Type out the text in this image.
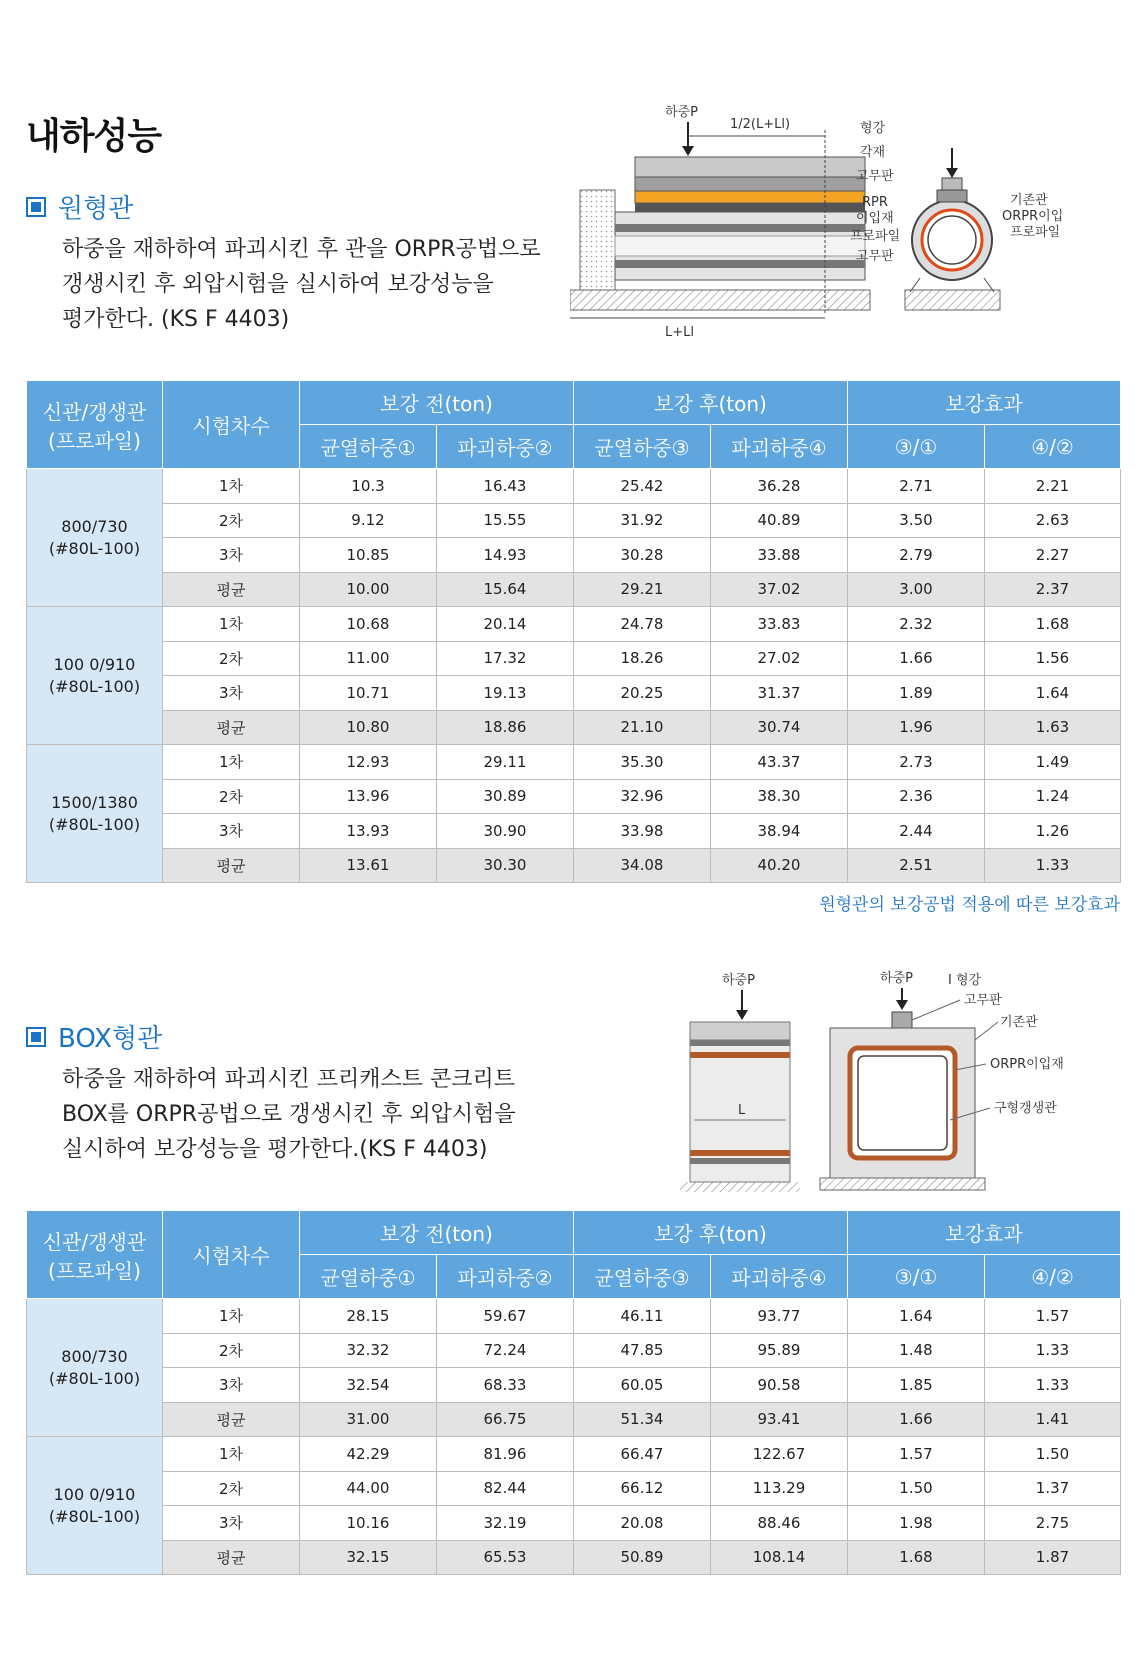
내하성능
원형관
하중을 재하하여 파괴시킨 후 관을 ORPR공법으로
갱생시킨 후 외압시험을 실시하여 보강성능을
평가한다. (KS F 4403)
하중P
1/2(L+Ll)
L+Ll
형강
각재
고무판
RPR
이입재
프로파일
고무판
기존관
ORPR이입
프로파일
신관/갱생관
(프로파일)	시험차수	보강 전(ton)		보강 후(ton)		보강효과	
		균열하중①	파괴하중②	균열하중③	파괴하중④	③/①	④/②

800/730
(#80L-100)	1차	10.3	16.43	25.42	36.28	2.71	2.21
	2차	9.12	15.55	31.92	40.89	3.50	2.63
	3차	10.85	14.93	30.28	33.88	2.79	2.27
	평균	10.00	15.64	29.21	37.02	3.00	2.37

100 0/910
(#80L-100)	1차	10.68	20.14	24.78	33.83	2.32	1.68
	2차	11.00	17.32	18.26	27.02	1.66	1.56
	3차	10.71	19.13	20.25	31.37	1.89	1.64
	평균	10.80	18.86	21.10	30.74	1.96	1.63

1500/1380
(#80L-100)	1차	12.93	29.11	35.30	43.37	2.73	1.49
	2차	13.96	30.89	32.96	38.30	2.36	1.24
	3차	13.93	30.90	33.98	38.94	2.44	1.26
	평균	13.61	30.30	34.08	40.20	2.51	1.33
원형관의 보강공법 적용에 따른 보강효과
BOX형관
하중을 재하하여 파괴시킨 프리캐스트 콘크리트
BOX를 ORPR공법으로 갱생시킨 후 외압시험을
실시하여 보강성능을 평가한다.(KS F 4403)
하중P
L
하중P	I 형강
고무판
기존관
ORPR이입재
구형갱생관
신관/갱생관
(프로파일)	시험차수	보강 전(ton)		보강 후(ton)		보강효과	
		균열하중①	파괴하중②	균열하중③	파괴하중④	③/①	④/②

800/730
(#80L-100)	1차	28.15	59.67	46.11	93.77	1.64	1.57
	2차	32.32	72.24	47.85	95.89	1.48	1.33
	3차	32.54	68.33	60.05	90.58	1.85	1.33
	평균	31.00	66.75	51.34	93.41	1.66	1.41

100 0/910
(#80L-100)	1차	42.29	81.96	66.47	122.67	1.57	1.50
	2차	44.00	82.44	66.12	113.29	1.50	1.37
	3차	10.16	32.19	20.08	88.46	1.98	2.75
	평균	32.15	65.53	50.89	108.14	1.68	1.87
